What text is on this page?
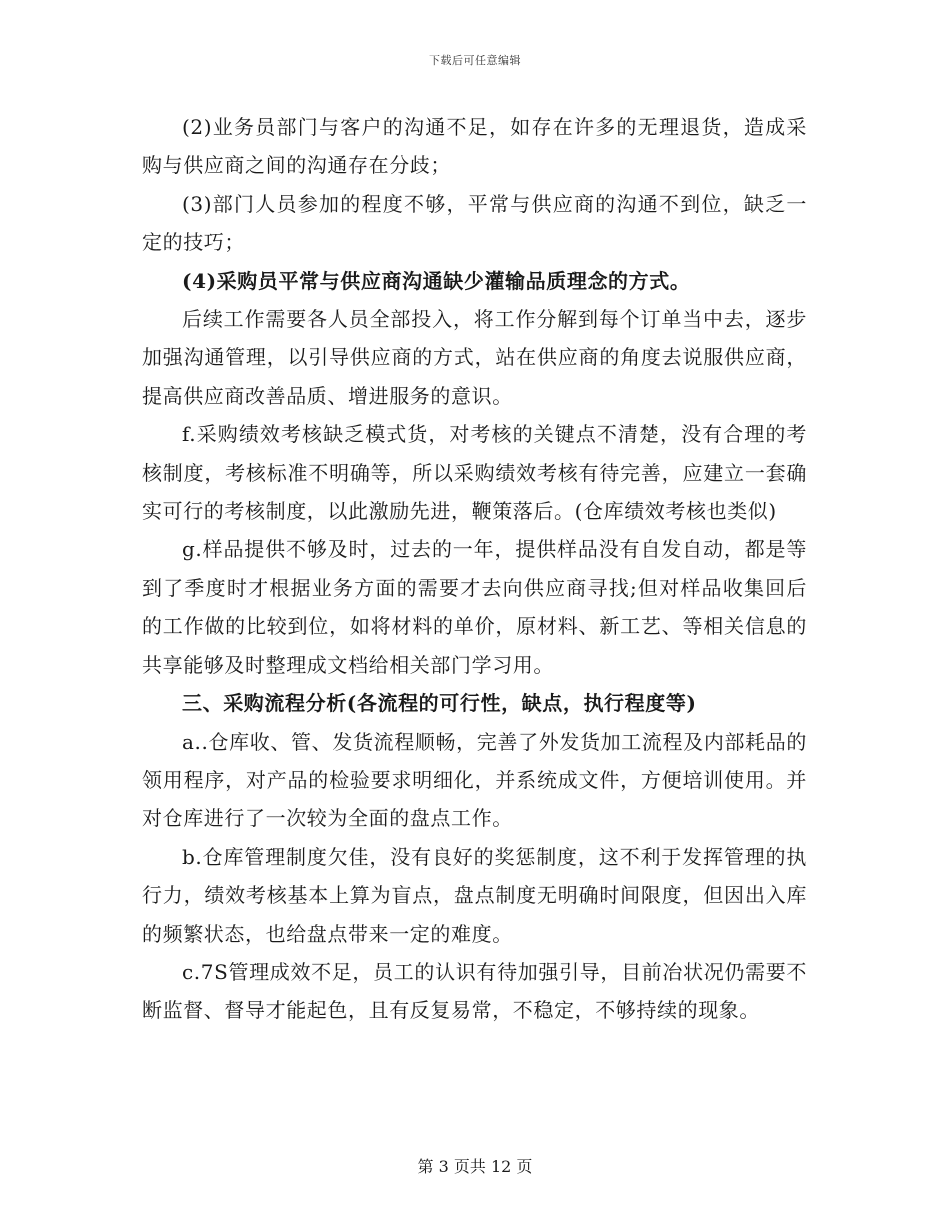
下载后可任意编辑

(2)业务员部门与客户的沟通不足，如存在许多的无理退货，造成采购与供应商之间的沟通存在分歧；

(3)部门人员参加的程度不够，平常与供应商的沟通不到位，缺乏一定的技巧；

(4)采购员平常与供应商沟通缺少灌输品质理念的方式。

后续工作需要各人员全部投入，将工作分解到每个订单当中去，逐步加强沟通管理，以引导供应商的方式，站在供应商的角度去说服供应商，提高供应商改善品质、增进服务的意识。

f.采购绩效考核缺乏模式货，对考核的关键点不清楚，没有合理的考核制度，考核标准不明确等，所以采购绩效考核有待完善，应建立一套确实可行的考核制度，以此激励先进，鞭策落后。(仓库绩效考核也类似)

g.样品提供不够及时，过去的一年，提供样品没有自发自动，都是等到了季度时才根据业务方面的需要才去向供应商寻找;但对样品收集回后的工作做的比较到位，如将材料的单价，原材料、新工艺、等相关信息的共享能够及时整理成文档给相关部门学习用。

三、采购流程分析(各流程的可行性，缺点，执行程度等)

a..仓库收、管、发货流程顺畅，完善了外发货加工流程及内部耗品的领用程序，对产品的检验要求明细化，并系统成文件，方便培训使用。并对仓库进行了一次较为全面的盘点工作。

b.仓库管理制度欠佳，没有良好的奖惩制度，这不利于发挥管理的执行力，绩效考核基本上算为盲点，盘点制度无明确时间限度，但因出入库的频繁状态，也给盘点带来一定的难度。

c.7S管理成效不足，员工的认识有待加强引导，目前冶状况仍需要不断监督、督导才能起色，且有反复易常，不稳定，不够持续的现象。

第 3 页共 12 页
